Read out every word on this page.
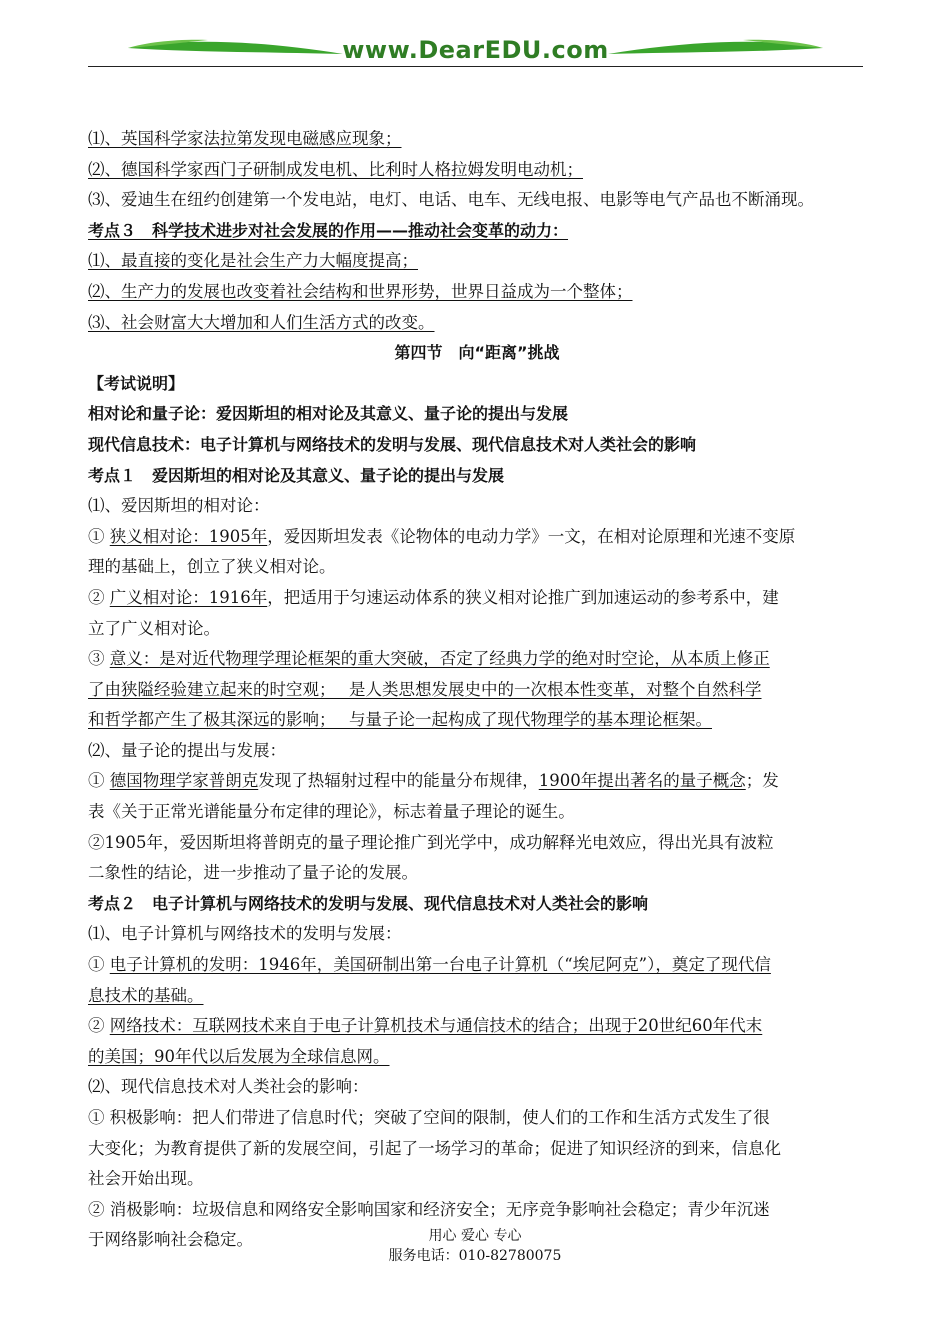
www.DearEDU.com
⑴、英国科学家法拉第发现电磁感应现象；
⑵、德国科学家西门子研制成发电机、比利时人格拉姆发明电动机；
⑶、爱迪生在纽约创建第一个发电站，电灯、电话、电车、无线电报、电影等电气产品也不断涌现。
考点３　科学技术进步对社会发展的作用——推动社会变革的动力：
⑴、最直接的变化是社会生产力大幅度提高；
⑵、生产力的发展也改变着社会结构和世界形势，世界日益成为一个整体；
⑶、社会财富大大增加和人们生活方式的改变。
第四节　向“距离”挑战
【考试说明】
相对论和量子论：爱因斯坦的相对论及其意义、量子论的提出与发展
现代信息技术：电子计算机与网络技术的发明与发展、现代信息技术对人类社会的影响
考点１　爱因斯坦的相对论及其意义、量子论的提出与发展
⑴、爱因斯坦的相对论：
① 狭义相对论：1905年，爱因斯坦发表《论物体的电动力学》一文，在相对论原理和光速不变原
理的基础上，创立了狭义相对论。
② 广义相对论：1916年，把适用于匀速运动体系的狭义相对论推广到加速运动的参考系中，建
立了广义相对论。
③ 意义：是对近代物理学理论框架的重大突破，否定了经典力学的绝对时空论，从本质上修正
了由狭隘经验建立起来的时空观；　 是人类思想发展史中的一次根本性变革，对整个自然科学
和哲学都产生了极其深远的影响；　 与量子论一起构成了现代物理学的基本理论框架。
⑵、量子论的提出与发展：
① 德国物理学家普朗克发现了热辐射过程中的能量分布规律，1900年提出著名的量子概念；发
表《关于正常光谱能量分布定律的理论》，标志着量子理论的诞生。
②1905年，爱因斯坦将普朗克的量子理论推广到光学中，成功解释光电效应，得出光具有波粒
二象性的结论，进一步推动了量子论的发展。
考点２　电子计算机与网络技术的发明与发展、现代信息技术对人类社会的影响
⑴、电子计算机与网络技术的发明与发展：
① 电子计算机的发明：1946年，美国研制出第一台电子计算机（“埃尼阿克”），奠定了现代信
息技术的基础。
② 网络技术：互联网技术来自于电子计算机技术与通信技术的结合；出现于20世纪60年代末
的美国；90年代以后发展为全球信息网。
⑵、现代信息技术对人类社会的影响：
① 积极影响：把人们带进了信息时代；突破了空间的限制，使人们的工作和生活方式发生了很
大变化；为教育提供了新的发展空间，引起了一场学习的革命；促进了知识经济的到来，信息化
社会开始出现。
② 消极影响：垃圾信息和网络安全影响国家和经济安全；无序竞争影响社会稳定；青少年沉迷
于网络影响社会稳定。	用心 爱心 专心
服务电话：010-82780075
